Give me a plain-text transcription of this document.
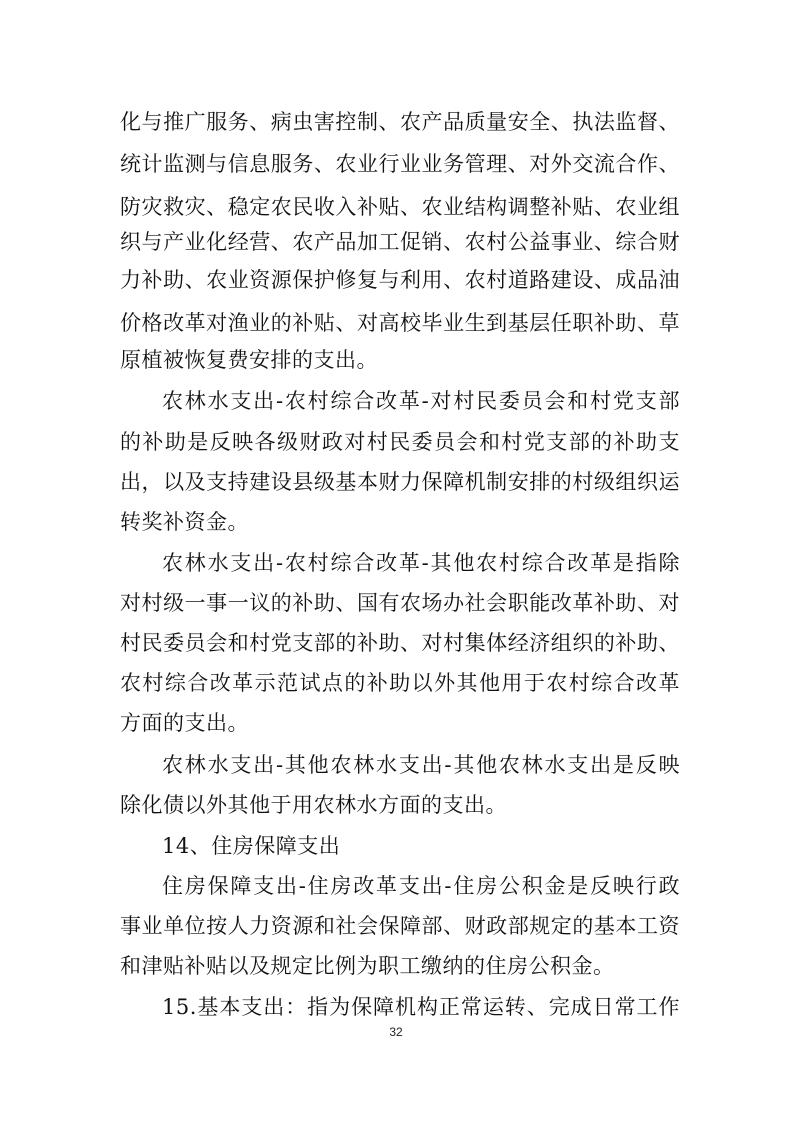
化与推广服务、病虫害控制、农产品质量安全、执法监督、
统计监测与信息服务、农业行业业务管理、对外交流合作、
防灾救灾、稳定农民收入补贴、农业结构调整补贴、农业组
织与产业化经营、农产品加工促销、农村公益事业、综合财
力补助、农业资源保护修复与利用、农村道路建设、成品油
价格改革对渔业的补贴、对高校毕业生到基层任职补助、草
原植被恢复费安排的支出。
农林水支出-农村综合改革-对村民委员会和村党支部
的补助是反映各级财政对村民委员会和村党支部的补助支
出，以及支持建设县级基本财力保障机制安排的村级组织运
转奖补资金。
农林水支出-农村综合改革-其他农村综合改革是指除
对村级一事一议的补助、国有农场办社会职能改革补助、对
村民委员会和村党支部的补助、对村集体经济组织的补助、
农村综合改革示范试点的补助以外其他用于农村综合改革
方面的支出。
农林水支出-其他农林水支出-其他农林水支出是反映
除化债以外其他于用农林水方面的支出。
14、住房保障支出
住房保障支出-住房改革支出-住房公积金是反映行政
事业单位按人力资源和社会保障部、财政部规定的基本工资
和津贴补贴以及规定比例为职工缴纳的住房公积金。
15.基本支出：指为保障机构正常运转、完成日常工作
32
